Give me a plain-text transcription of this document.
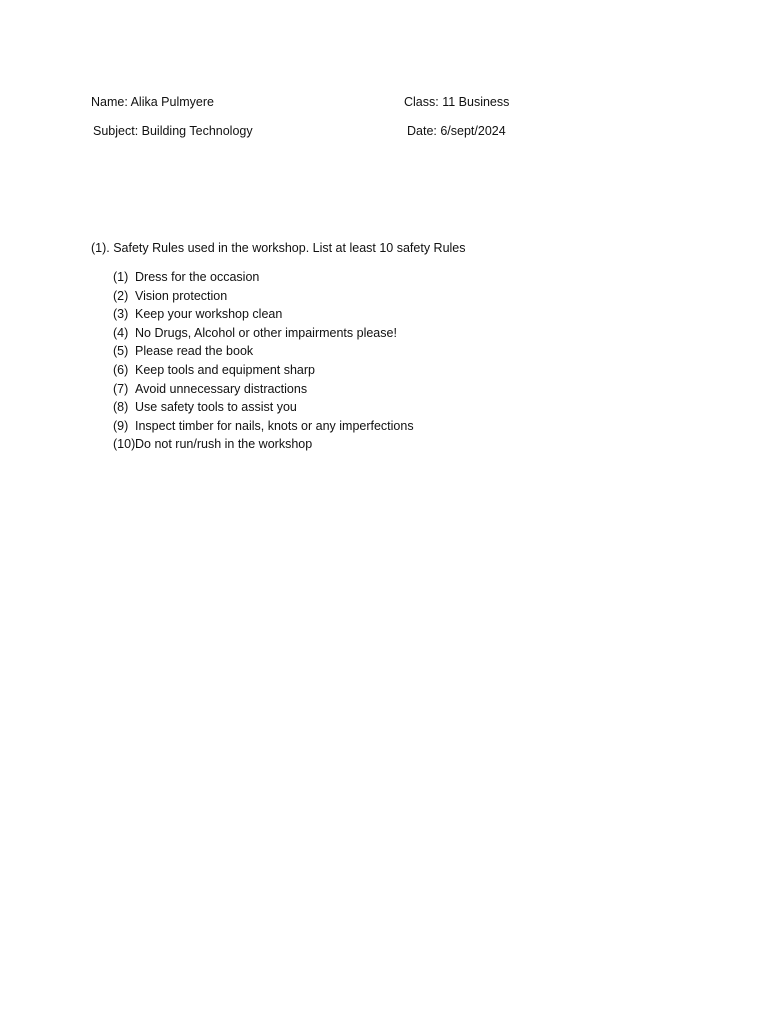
Name: Alika Pulmyere	Class: 11 Business
Subject: Building Technology	Date: 6/sept/2024
(1). Safety Rules used in the workshop. List at least 10 safety Rules
(1) Dress for the occasion
(2) Vision protection
(3) Keep your workshop clean
(4) No Drugs, Alcohol or other impairments please!
(5) Please read the book
(6) Keep tools and equipment sharp
(7) Avoid unnecessary distractions
(8) Use safety tools to assist you
(9) Inspect timber for nails, knots or any imperfections
(10) Do not run/rush in the workshop
